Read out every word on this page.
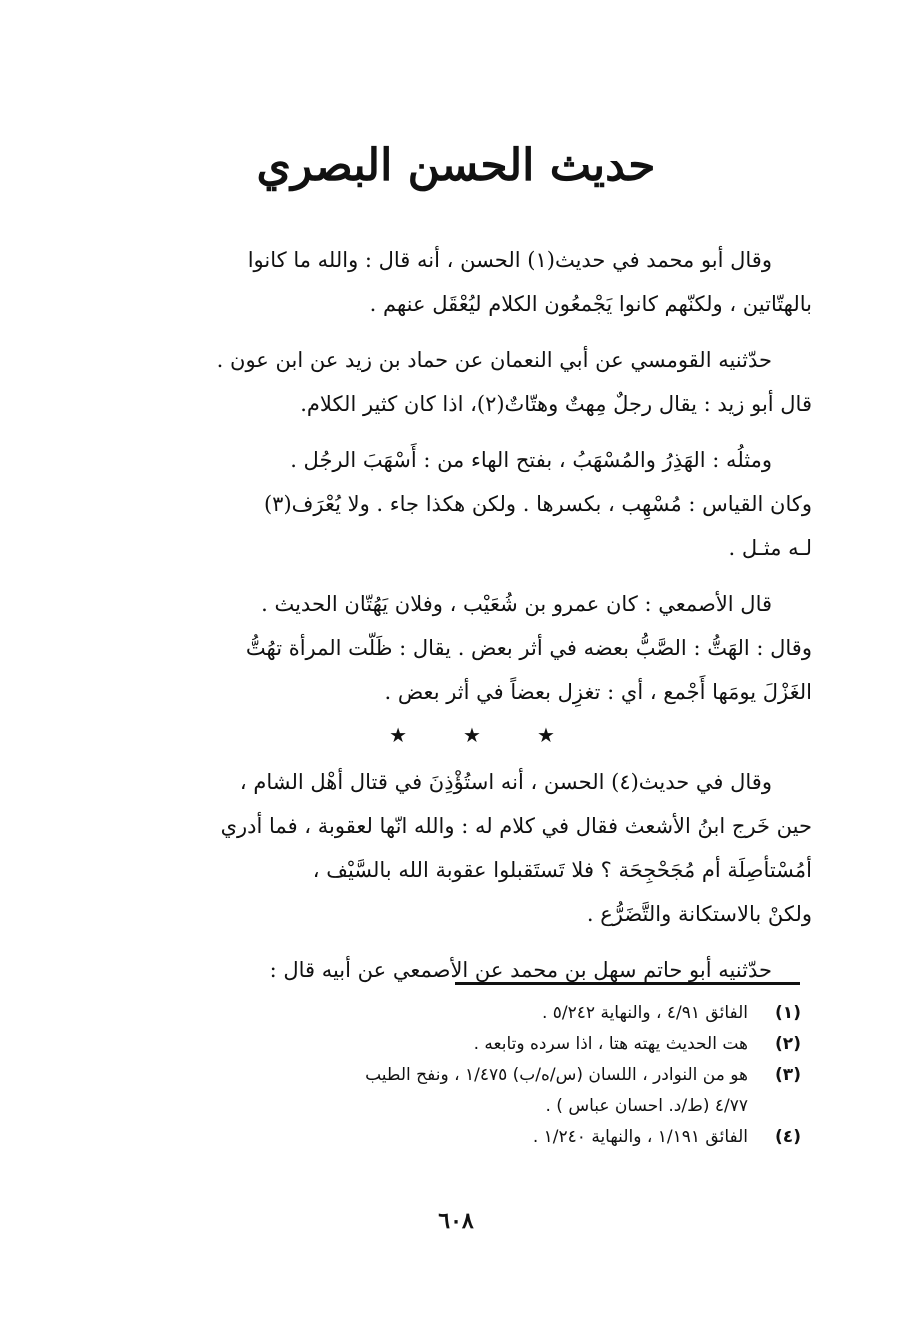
حديث الحسن البصري

وقال أبو محمد في حديث(١) الحسن ، أنه قال : والله ما كانوا
بالهتّاتين ، ولكنّهم كانوا يَجْمعُون الكلام ليُعْقَل عنهم .

حدّثنيه القومسي عن أبي النعمان عن حماد بن زيد عن ابن عون .
قال أبو زيد : يقال رجلٌ مِهتٌ وهتّاتٌ(٢)، اذا كان كثير الكلام.

ومثلُه : الهَذِرُ والمُسْهَبُ ، بفتح الهاء من : أَسْهَبَ الرجُل .
وكان القياس : مُسْهِب ، بكسرها . ولكن هكذا جاء . ولا يُعْرَف(٣)
لـه مثـل .

قال الأصمعي : كان عمرو بن شُعَيْب ، وفلان يَهُتّان الحديث .
وقال : الهَتُّ : الصَّبُّ بعضه في أثر بعض . يقال : ظَلّت المرأة تهُتُّ
الغَزْلَ يومَها أَجْمع ، أي : تغزِل بعضاً في أثر بعض .

★	★	★

وقال في حديث(٤) الحسن ، أنه استُؤْذِنَ في قتال أهْل الشام ،
حين خَرج ابنُ الأشعث فقال في كلام له : والله انّها لعقوبة ، فما أدري
أمُسْتأصِلَة أم مُجَحْجِحَة ؟ فلا تَستَقبلوا عقوبة الله بالسَّيْف ،
ولكنْ بالاستكانة والتَّضَرُّع .

حدّثنيه أبو حاتم سهل بن محمد عن الأصمعي عن أبيه قال :

(١)
الفائق ٤/٩١ ، والنهاية ٥/٢٤٢ .
(٢)
هت الحديث يهته هتا ، اذا سرده وتابعه .
(٣)
هو من النوادر ، اللسان (س/ه/ب) ١/٤٧٥ ، ونفح الطيب
٤/٧٧ (ط/د. احسان عباس ) .
(٤)
الفائق ١/١٩١ ، والنهاية ١/٢٤٠ .
٦٠٨
